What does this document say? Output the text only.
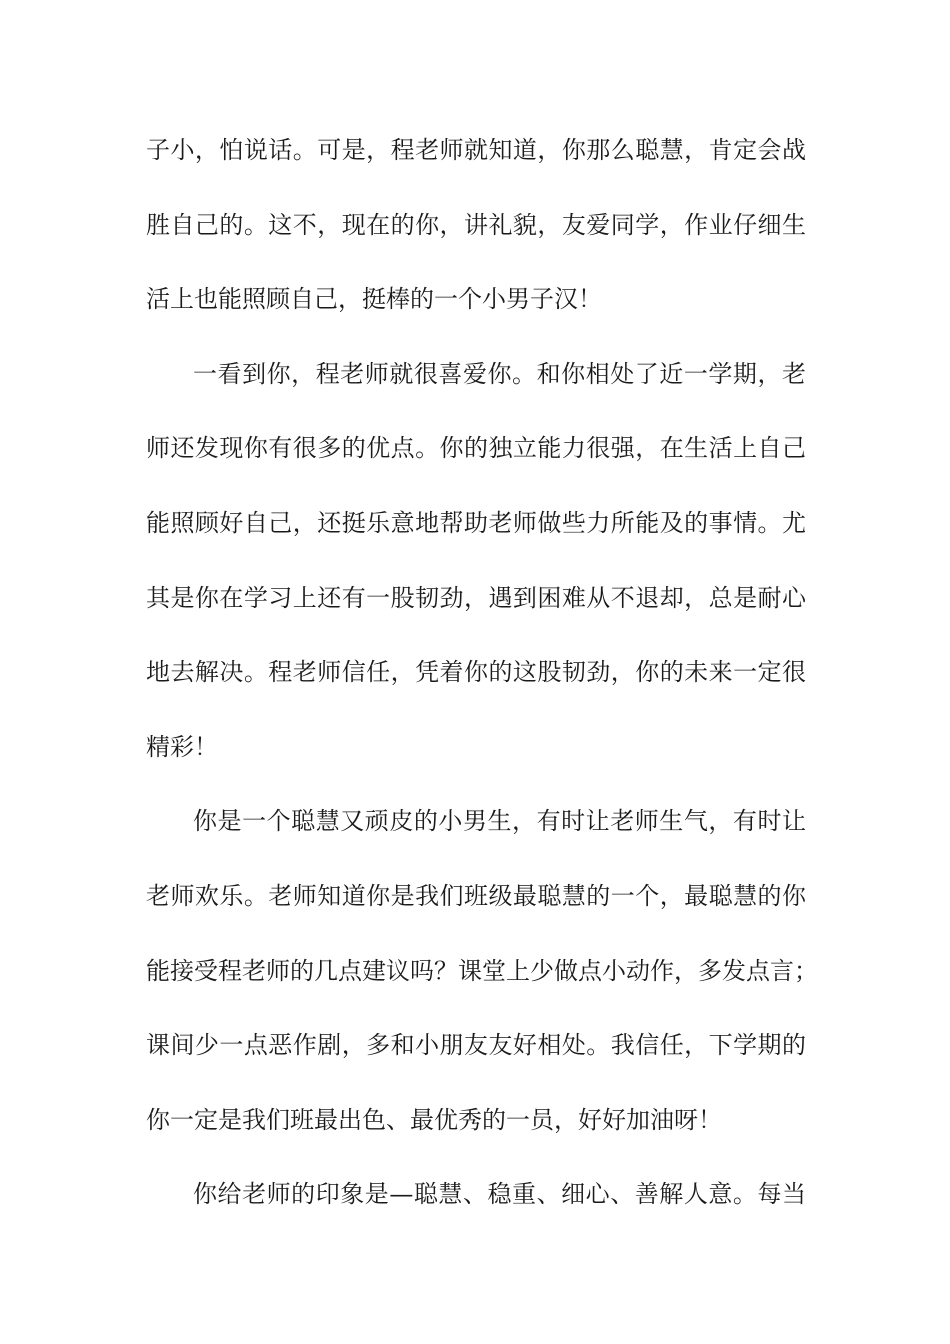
子小，怕说话。可是，程老师就知道，你那么聪慧，肯定会战
胜自己的。这不，现在的你，讲礼貌，友爱同学，作业仔细生
活上也能照顾自己，挺棒的一个小男子汉！
一看到你，程老师就很喜爱你。和你相处了近一学期，老
师还发现你有很多的优点。你的独立能力很强，在生活上自己
能照顾好自己，还挺乐意地帮助老师做些力所能及的事情。尤
其是你在学习上还有一股韧劲，遇到困难从不退却，总是耐心
地去解决。程老师信任，凭着你的这股韧劲，你的未来一定很
精彩！
你是一个聪慧又顽皮的小男生，有时让老师生气，有时让
老师欢乐。老师知道你是我们班级最聪慧的一个，最聪慧的你
能接受程老师的几点建议吗？课堂上少做点小动作，多发点言；
课间少一点恶作剧，多和小朋友友好相处。我信任，下学期的
你一定是我们班最出色、最优秀的一员，好好加油呀！
你给老师的印象是—聪慧、稳重、细心、善解人意。每当
